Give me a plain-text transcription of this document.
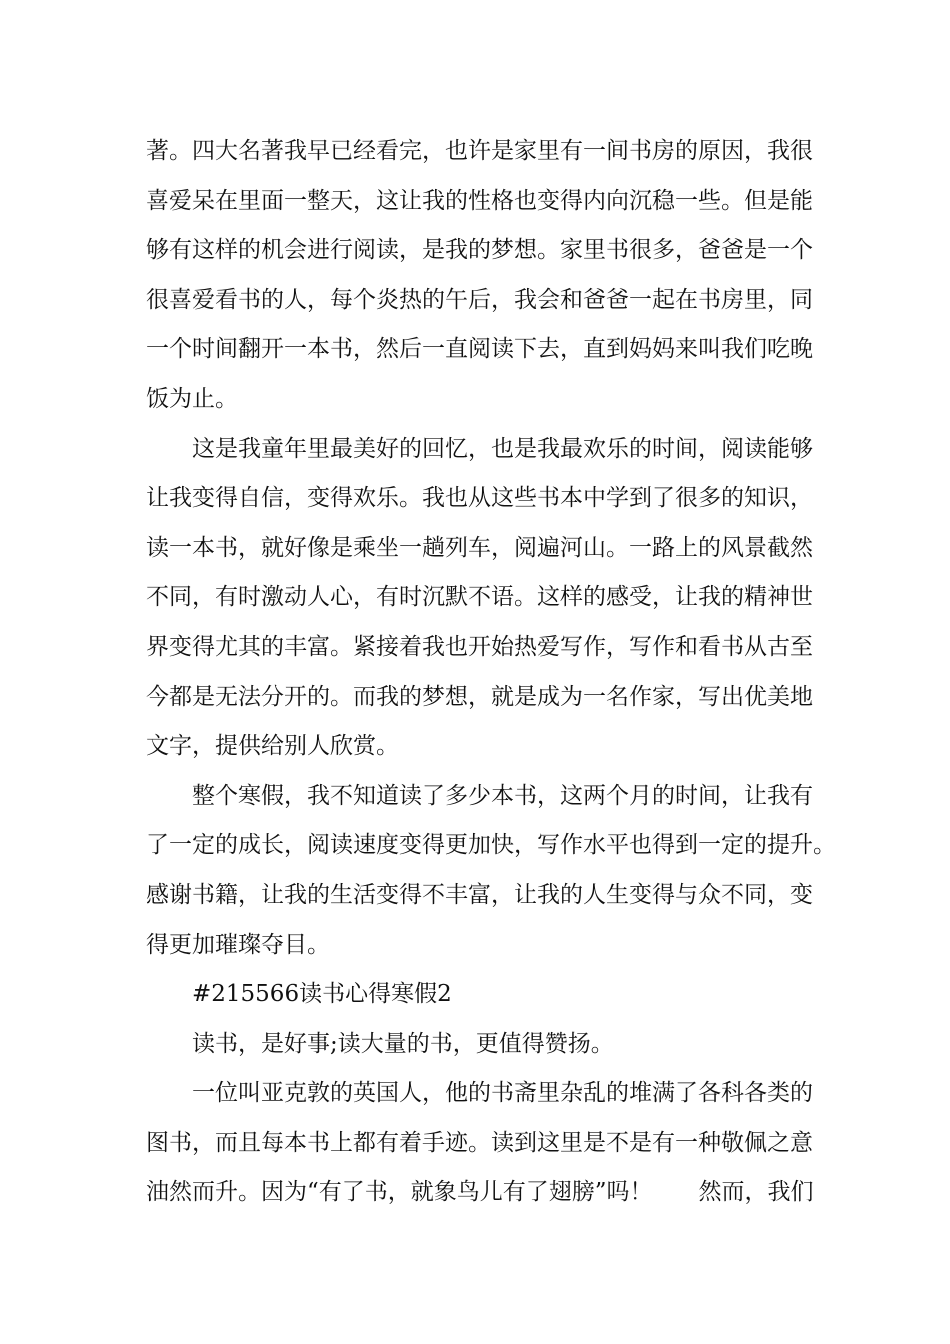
著。四大名著我早已经看完，也许是家里有一间书房的原因，我很
喜爱呆在里面一整天，这让我的性格也变得内向沉稳一些。但是能
够有这样的机会进行阅读，是我的梦想。家里书很多，爸爸是一个
很喜爱看书的人，每个炎热的午后，我会和爸爸一起在书房里，同
一个时间翻开一本书，然后一直阅读下去，直到妈妈来叫我们吃晚
饭为止。
这是我童年里最美好的回忆，也是我最欢乐的时间，阅读能够
让我变得自信，变得欢乐。我也从这些书本中学到了很多的知识，
读一本书，就好像是乘坐一趟列车，阅遍河山。一路上的风景截然
不同，有时激动人心，有时沉默不语。这样的感受，让我的精神世
界变得尤其的丰富。紧接着我也开始热爱写作，写作和看书从古至
今都是无法分开的。而我的梦想，就是成为一名作家，写出优美地
文字，提供给别人欣赏。
整个寒假，我不知道读了多少本书，这两个月的时间，让我有
了一定的成长，阅读速度变得更加快，写作水平也得到一定的提升。
感谢书籍，让我的生活变得不丰富，让我的人生变得与众不同，变
得更加璀璨夺目。
#215566读书心得寒假2
读书，是好事;读大量的书，更值得赞扬。
一位叫亚克敦的英国人，他的书斋里杂乱的堆满了各科各类的
图书，而且每本书上都有着手迹。读到这里是不是有一种敬佩之意
油然而升。因为“有了书，就象鸟儿有了翅膀”吗！　　然而，我们
